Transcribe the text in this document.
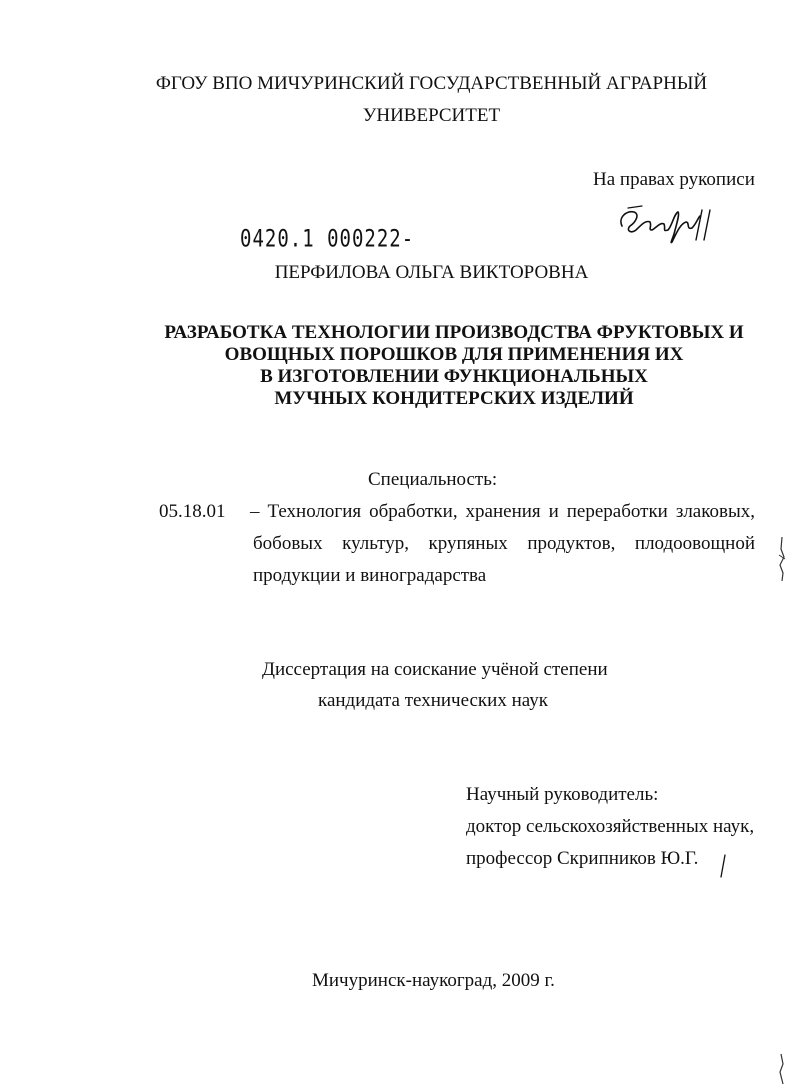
ФГОУ ВПО МИЧУРИНСКИЙ ГОСУДАРСТВЕННЫЙ АГРАРНЫЙ
УНИВЕРСИТЕТ
На правах рукописи
0420.1 000222-
ПЕРФИЛОВА ОЛЬГА ВИКТОРОВНА
РАЗРАБОТКА ТЕХНОЛОГИИ ПРОИЗВОДСТВА ФРУКТОВЫХ И
ОВОЩНЫХ ПОРОШКОВ ДЛЯ ПРИМЕНЕНИЯ ИХ
В ИЗГОТОВЛЕНИИ ФУНКЦИОНАЛЬНЫХ
МУЧНЫХ КОНДИТЕРСКИХ ИЗДЕЛИЙ
Специальность:
05.18.01 – Технология обработки, хранения и переработки злаковых,
бобовых культур, крупяных продуктов, плодоовощной
продукции и виноградарства
Диссертация на соискание учёной степени
кандидата технических наук
Научный руководитель:
доктор сельскохозяйственных наук,
профессор Скрипников Ю.Г.
Мичуринск-наукоград, 2009 г.
